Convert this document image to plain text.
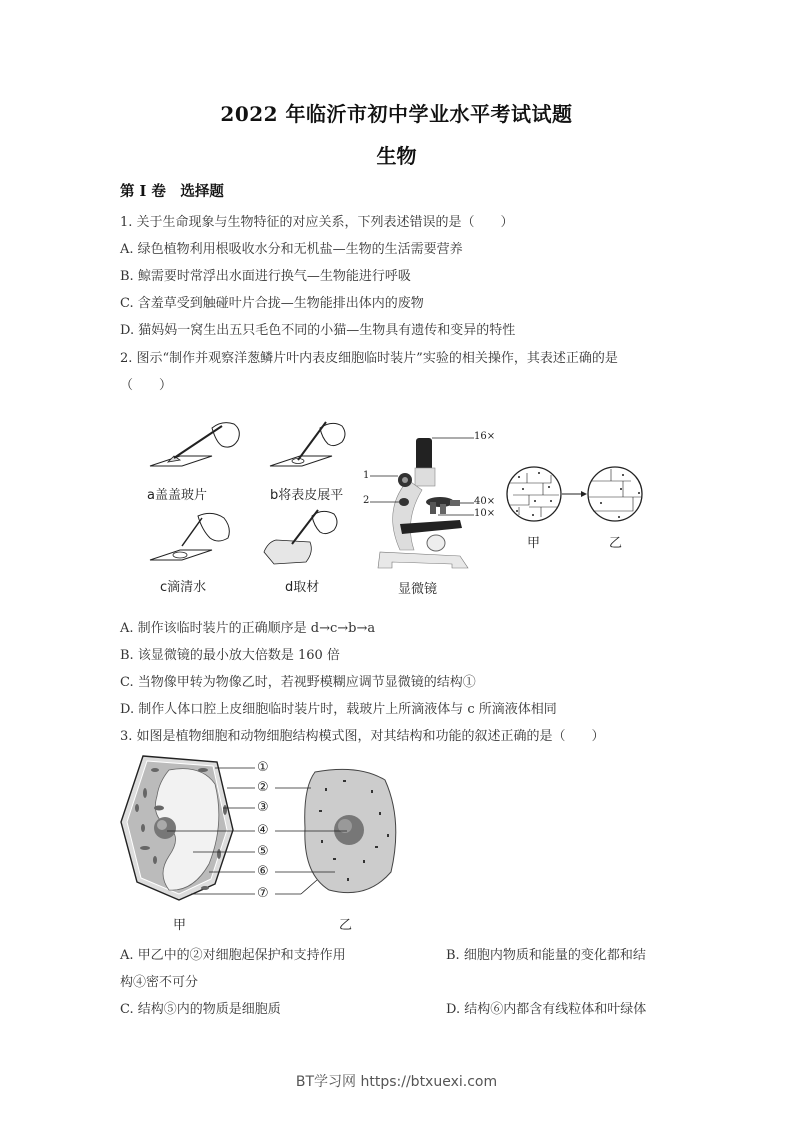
2022 年临沂市初中学业水平考试试题
生物
第 I 卷　选择题
1. 关于生命现象与生物特征的对应关系，下列表述错误的是（　　）
A. 绿色植物利用根吸收水分和无机盐—生物的生活需要营养
B. 鲸需要时常浮出水面进行换气—生物能进行呼吸
C. 含羞草受到触碰叶片合拢—生物能排出体内的废物
D. 猫妈妈一窝生出五只毛色不同的小猫—生物具有遗传和变异的特性
2. 图示“制作并观察洋葱鳞片叶内表皮细胞临时装片”实验的相关操作，其表述正确的是
（　　）
a盖盖玻片	b将表皮展平
c滴清水	d取材
16×
1
2	40×
10×
显微镜
甲	乙
A. 制作该临时装片的正确顺序是 d→c→b→a
B. 该显微镜的最小放大倍数是 160 倍
C. 当物像甲转为物像乙时，若视野模糊应调节显微镜的结构①
D. 制作人体口腔上皮细胞临时装片时，载玻片上所滴液体与 c 所滴液体相同
3. 如图是植物细胞和动物细胞结构模式图，对其结构和功能的叙述正确的是（　　）
①
②
③
④
⑤
⑥
⑦
甲	乙
A. 甲乙中的②对细胞起保护和支持作用	B. 细胞内物质和能量的变化都和结
构④密不可分
C. 结构⑤内的物质是细胞质	D. 结构⑥内都含有线粒体和叶绿体
BT学习网 https://btxuexi.com
